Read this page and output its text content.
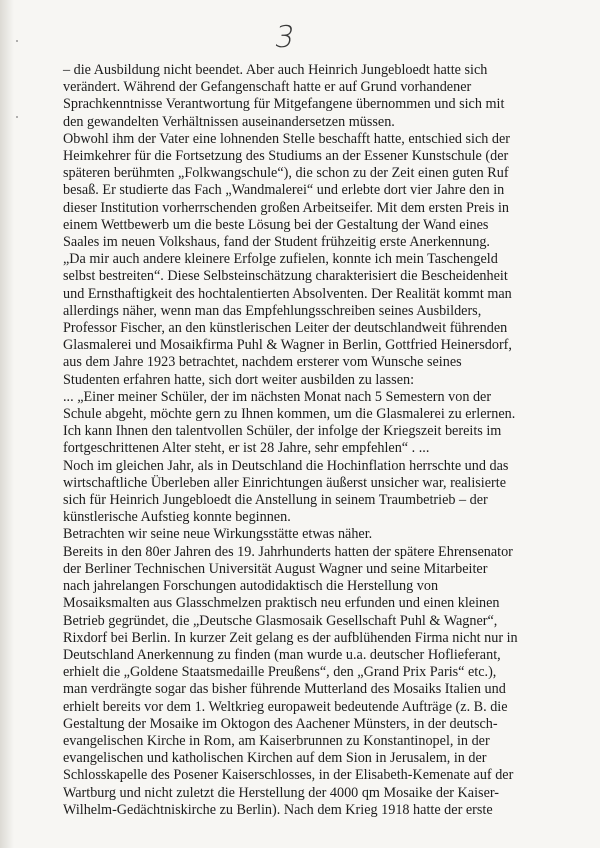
3
– die Ausbildung nicht beendet. Aber auch Heinrich Jungebloedt hatte sich
verändert. Während der Gefangenschaft hatte er auf Grund vorhandener
Sprachkenntnisse Verantwortung für Mitgefangene übernommen und sich mit
den gewandelten Verhältnissen auseinandersetzen müssen.
Obwohl ihm der Vater eine lohnenden Stelle beschafft hatte, entschied sich der
Heimkehrer für die Fortsetzung des Studiums an der Essener Kunstschule (der
späteren berühmten „Folkwangschule“), die schon zu der Zeit einen guten Ruf
besaß. Er studierte das Fach „Wandmalerei“ und erlebte dort vier Jahre den in
dieser Institution vorherrschenden großen Arbeitseifer. Mit dem ersten Preis in
einem Wettbewerb um die beste Lösung bei der Gestaltung der Wand eines
Saales im neuen Volkshaus, fand der Student frühzeitig erste Anerkennung.
„Da mir auch andere kleinere Erfolge zufielen, konnte ich mein Taschengeld
selbst bestreiten“. Diese Selbsteinschätzung charakterisiert die Bescheidenheit
und Ernsthaftigkeit des hochtalentierten Absolventen. Der Realität kommt man
allerdings näher, wenn man das Empfehlungsschreiben seines Ausbilders,
Professor Fischer, an den künstlerischen Leiter der deutschlandweit führenden
Glasmalerei und Mosaikfirma Puhl & Wagner in Berlin, Gottfried Heinersdorf,
aus dem Jahre 1923 betrachtet, nachdem ersterer vom Wunsche seines
Studenten erfahren hatte, sich dort weiter ausbilden zu lassen:
... „Einer meiner Schüler, der im nächsten Monat nach 5 Semestern von der
Schule abgeht, möchte gern zu Ihnen kommen, um die Glasmalerei zu erlernen.
Ich kann Ihnen den talentvollen Schüler, der infolge der Kriegszeit bereits im
fortgeschrittenen Alter steht, er ist 28 Jahre, sehr empfehlen“ . ...
Noch im gleichen Jahr, als in Deutschland die Hochinflation herrschte und das
wirtschaftliche Überleben aller Einrichtungen äußerst unsicher war, realisierte
sich für Heinrich Jungebloedt die Anstellung in seinem Traumbetrieb – der
künstlerische Aufstieg konnte beginnen.
Betrachten wir seine neue Wirkungsstätte etwas näher.
Bereits in den 80er Jahren des 19. Jahrhunderts hatten der spätere Ehrensenator
der Berliner Technischen Universität August Wagner und seine Mitarbeiter
nach jahrelangen Forschungen autodidaktisch die Herstellung von
Mosaiksmalten aus Glasschmelzen praktisch neu erfunden und einen kleinen
Betrieb gegründet, die „Deutsche Glasmosaik Gesellschaft Puhl & Wagner“,
Rixdorf bei Berlin. In kurzer Zeit gelang es der aufblühenden Firma nicht nur in
Deutschland Anerkennung zu finden (man wurde u.a. deutscher Hoflieferant,
erhielt die „Goldene Staatsmedaille Preußens“, den „Grand Prix Paris“ etc.),
man verdrängte sogar das bisher führende Mutterland des Mosaiks Italien und
erhielt bereits vor dem 1. Weltkrieg europaweit bedeutende Aufträge (z. B. die
Gestaltung der Mosaike im Oktogon des Aachener Münsters, in der deutsch-
evangelischen Kirche in Rom, am Kaiserbrunnen zu Konstantinopel, in der
evangelischen und katholischen Kirchen auf dem Sion in Jerusalem, in der
Schlosskapelle des Posener Kaiserschlosses, in der Elisabeth-Kemenate auf der
Wartburg und nicht zuletzt die Herstellung der 4000 qm Mosaike der Kaiser-
Wilhelm-Gedächtniskirche zu Berlin). Nach dem Krieg 1918 hatte der erste
